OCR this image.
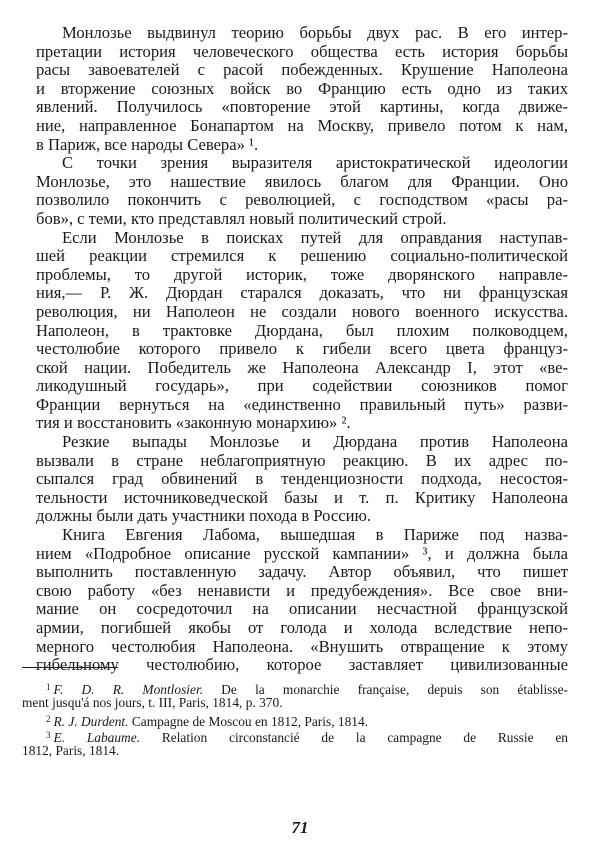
Монлозье выдвинул теорию борьбы двух рас. В его интер-
претации история человеческого общества есть история борьбы
расы завоевателей с расой побежденных. Крушение Наполеона
и вторжение союзных войск во Францию есть одно из таких
явлений. Получилось «повторение этой картины, когда движе-
ние, направленное Бонапартом на Москву, привело потом к нам,
в Париж, все народы Севера» ¹.
С точки зрения выразителя аристократической идеологии
Монлозье, это нашествие явилось благом для Франции. Оно
позволило покончить с революцией, с господством «расы ра-
бов», с теми, кто представлял новый политический строй.
Если Монлозье в поисках путей для оправдания наступав-
шей реакции стремился к решению социально-политической
проблемы, то другой историк, тоже дворянского направле-
ния,— Р. Ж. Дюрдан старался доказать, что ни французская
революция, ни Наполеон не создали нового военного искусства.
Наполеон, в трактовке Дюрдана, был плохим полководцем,
честолюбие которого привело к гибели всего цвета француз-
ской нации. Победитель же Наполеона Александр I, этот «ве-
ликодушный государь», при содействии союзников помог
Франции вернуться на «единственно правильный путь» разви-
тия и восстановить «законную монархию» ².
Резкие выпады Монлозье и Дюрдана против Наполеона
вызвали в стране неблагоприятную реакцию. В их адрес по-
сыпался град обвинений в тенденциозности подхода, несостоя-
тельности источниковедческой базы и т. п. Критику Наполеона
должны были дать участники похода в Россию.
Книга Евгения Лабома, вышедшая в Париже под назва-
нием «Подробное описание русской кампании» ³, и должна была
выполнить поставленную задачу. Автор объявил, что пишет
свою работу «без ненависти и предубеждения». Все свое вни-
мание он сосредоточил на описании несчастной французской
армии, погибшей якобы от голода и холода вследствие непо-
мерного честолюбия Наполеона. «Внушить отвращение к этому
гибельному честолюбию, которое заставляет цивилизованные
$^1$ F. D. R. Montlosier. De la monarchie française, depuis son établisse-
ment jusqu'á nos jours, t. III, Paris, 1814, p. 370.
$^2$ R. J. Durdent. Campagne de Moscou en 1812, Paris, 1814.
$^3$ E. Labaume. Relation circonstancié de la campagne de Russie en
1812, Paris, 1814.
71
